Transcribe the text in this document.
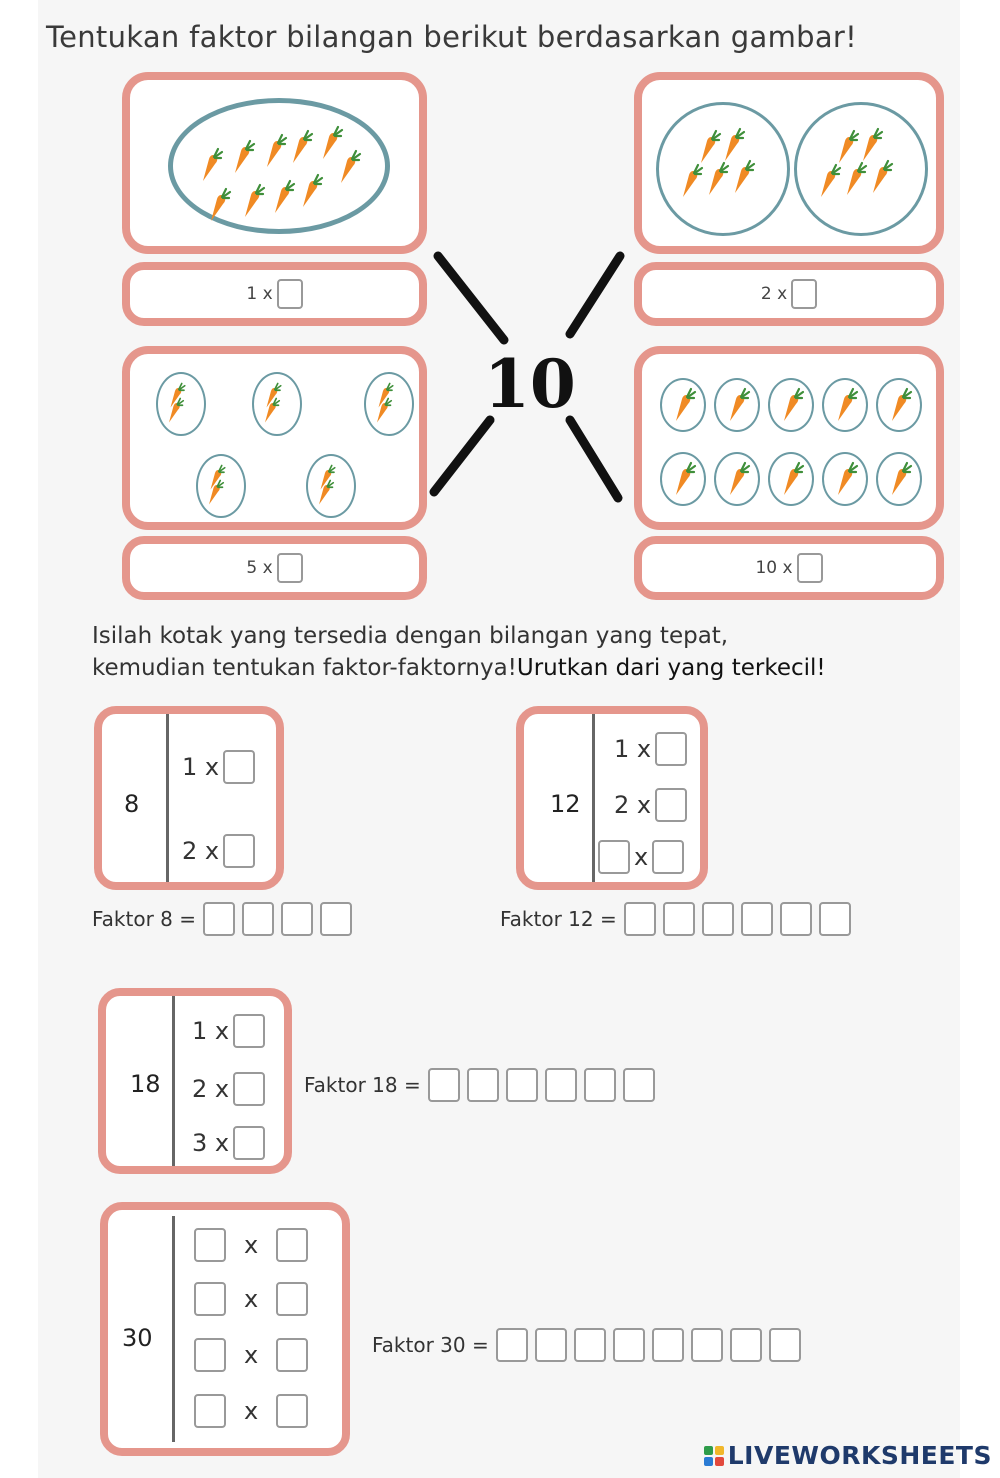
Tentukan faktor bilangan berikut berdasarkan gambar!
1 x	2 x
5 x	10 x
10
Isilah kotak yang tersedia dengan bilangan yang tepat,
kemudian tentukan faktor-faktornya!Urutkan dari yang terkecil!
8
1 x
2 x
Faktor 8 =
12
1 x
2 x
x
Faktor 12 =
18
1 x
2 x
3 x
Faktor 18 =
30
x
x
x
x
Faktor 30 =
LIVEWORKSHEETS
